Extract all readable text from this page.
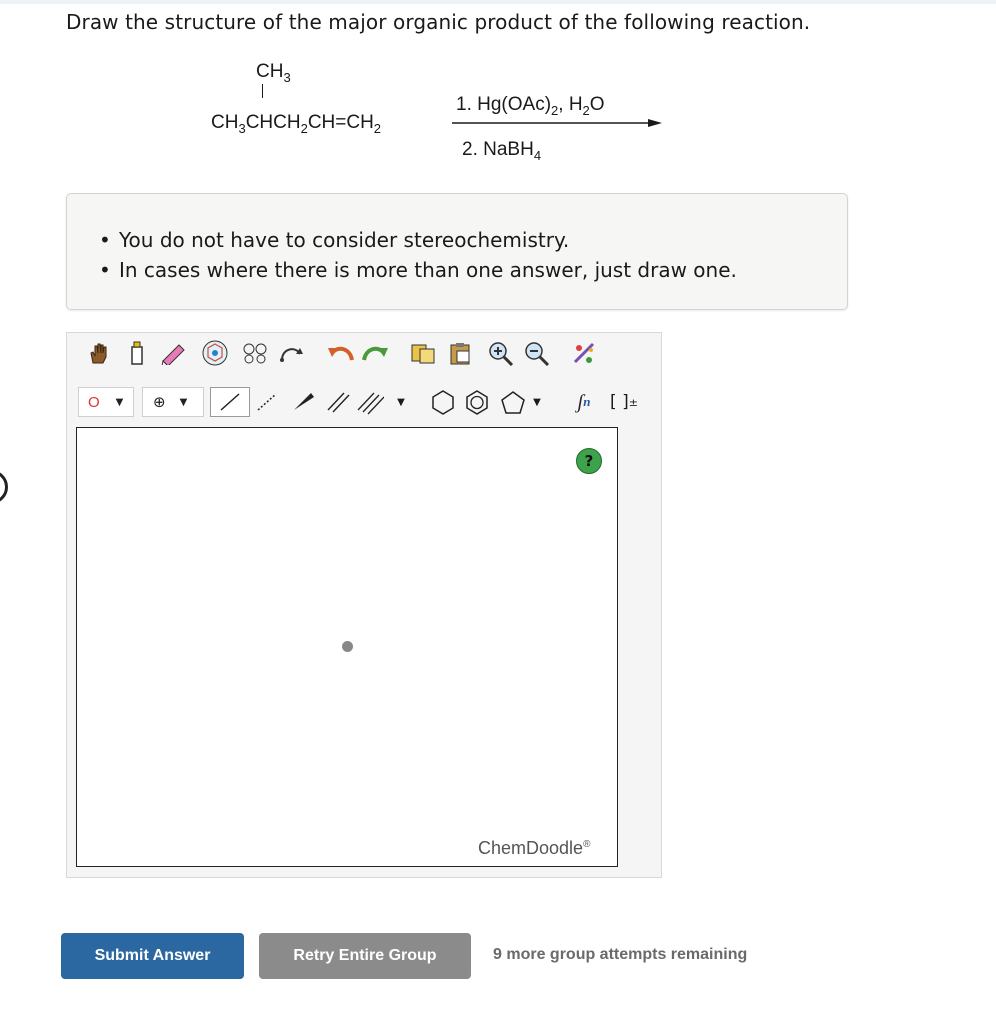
Draw the structure of the major organic product of the following reaction.
$CH_3$
$CH_3CHCH_2CH=CH_2$
1. $Hg(OAc)_2$, $H_2O$
2. NaBH$_4$
• You do not have to consider stereochemistry.
• In cases where there is more than one answer, just draw one.
O ▼ ⊕ ▼	▼	▼ ʃ n	[ ] ±
?
ChemDoodle®
Submit Answer	Retry Entire Group	9 more group attempts remaining
